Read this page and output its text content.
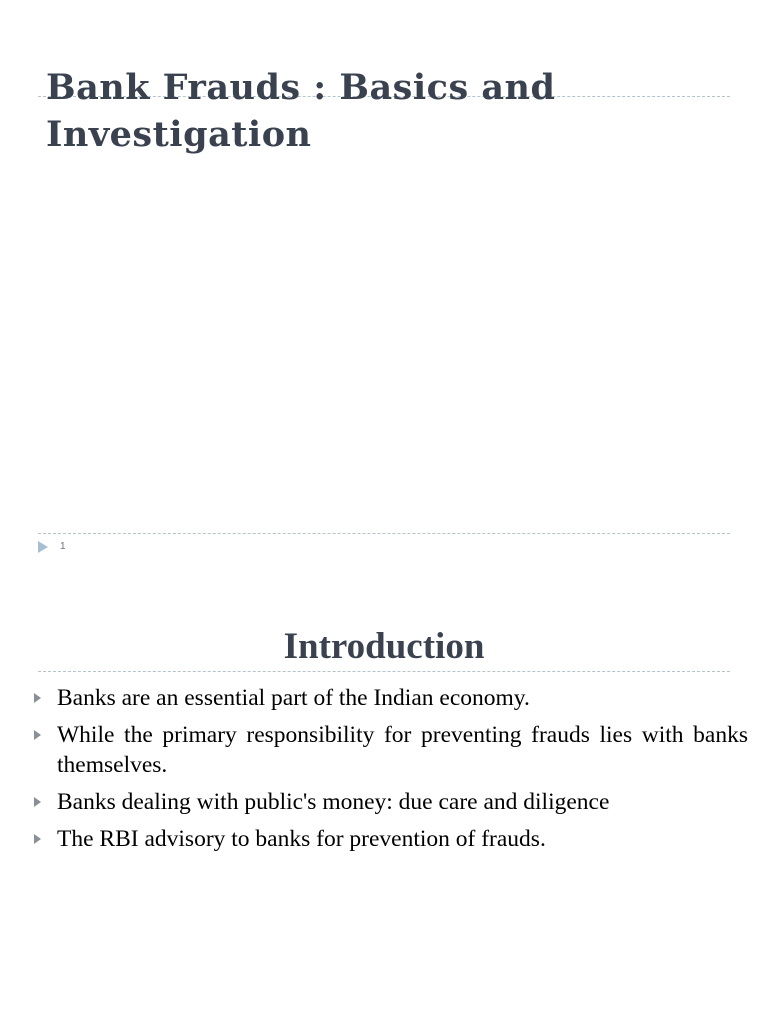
Bank Frauds : Basics and
Investigation
1
Introduction
Banks are an essential part of the Indian economy.
While the primary responsibility for preventing frauds lies with banks themselves.
Banks dealing with public's money: due care and diligence
The RBI advisory to banks for prevention of frauds.
